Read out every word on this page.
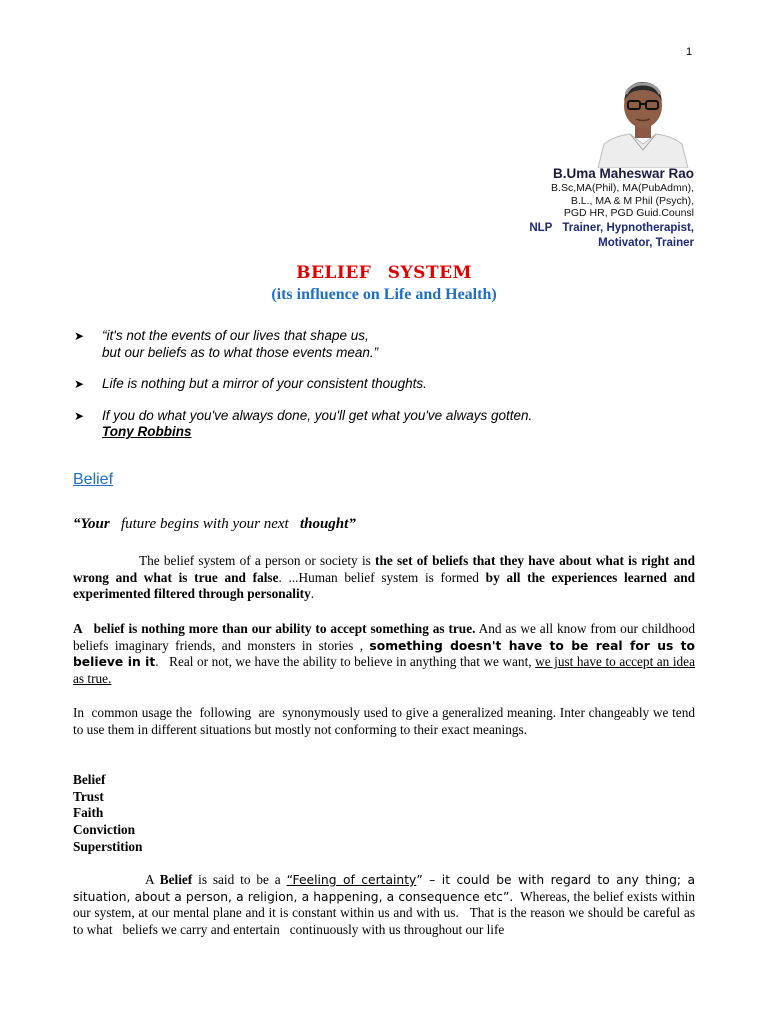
1
B.Uma Maheswar Rao
B.Sc,MA(Phil), MA(PubAdmn),
B.L., MA & M Phil (Psych),
PGD HR, PGD Guid.Counsl
NLP Trainer, Hypnotherapist,
Motivator, Trainer
BELIEF SYSTEM
(its influence on Life and Health)
➤ “it's not the events of our lives that shape us,
but our beliefs as to what those events mean.”
➤ Life is nothing but a mirror of your consistent thoughts.
➤ If you do what you've always done, you'll get what you've always gotten.
Tony Robbins
Belief
“Your   future begins with your next   thought”
The belief system of a person or society is the set of beliefs that they have about what is right and wrong and what is true and false. ...Human belief system is formed by all the experiences learned and experimented filtered through personality.
A   belief is nothing more than our ability to accept something as true. And as we all know from our childhood beliefs imaginary friends, and monsters in stories , something doesn't have to be real for us to believe in it.   Real or not, we have the ability to believe in anything that we want, we just have to accept an idea as true.
In  common usage the  following  are  synonymously used to give a generalized meaning. Inter changeably we tend to use them in different situations but mostly not conforming to their exact meanings.
Belief
Trust
Faith
Conviction
Superstition
A Belief is said to be a “Feeling of certainty” – it could be with regard to any thing; a situation, about a person, a religion, a happening, a consequence etc”.  Whereas, the belief exists within our system, at our mental plane and it is constant within us and with us.   That is the reason we should be careful as to what   beliefs we carry and entertain   continuously with us throughout our life
